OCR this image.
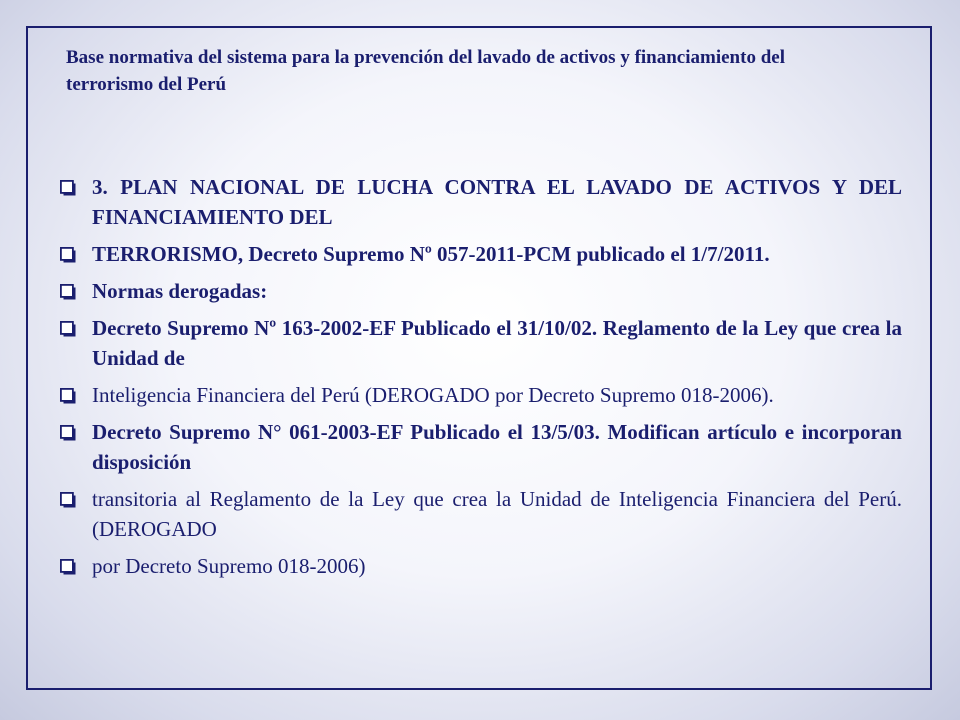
Base normativa del sistema para la prevención del lavado de activos y financiamiento del terrorismo del Perú

3. PLAN NACIONAL DE LUCHA CONTRA EL LAVADO DE ACTIVOS Y DEL FINANCIAMIENTO DEL
TERRORISMO, Decreto Supremo Nº 057-2011-PCM publicado el 1/7/2011.
Normas derogadas:
Decreto Supremo Nº 163-2002-EF Publicado el 31/10/02. Reglamento de la Ley que crea la Unidad de
Inteligencia Financiera del Perú (DEROGADO por Decreto Supremo 018-2006).
Decreto Supremo N° 061-2003-EF Publicado el 13/5/03. Modifican artículo e incorporan disposición
transitoria al Reglamento de la Ley que crea la Unidad de Inteligencia Financiera del Perú. (DEROGADO
por Decreto Supremo 018-2006)
